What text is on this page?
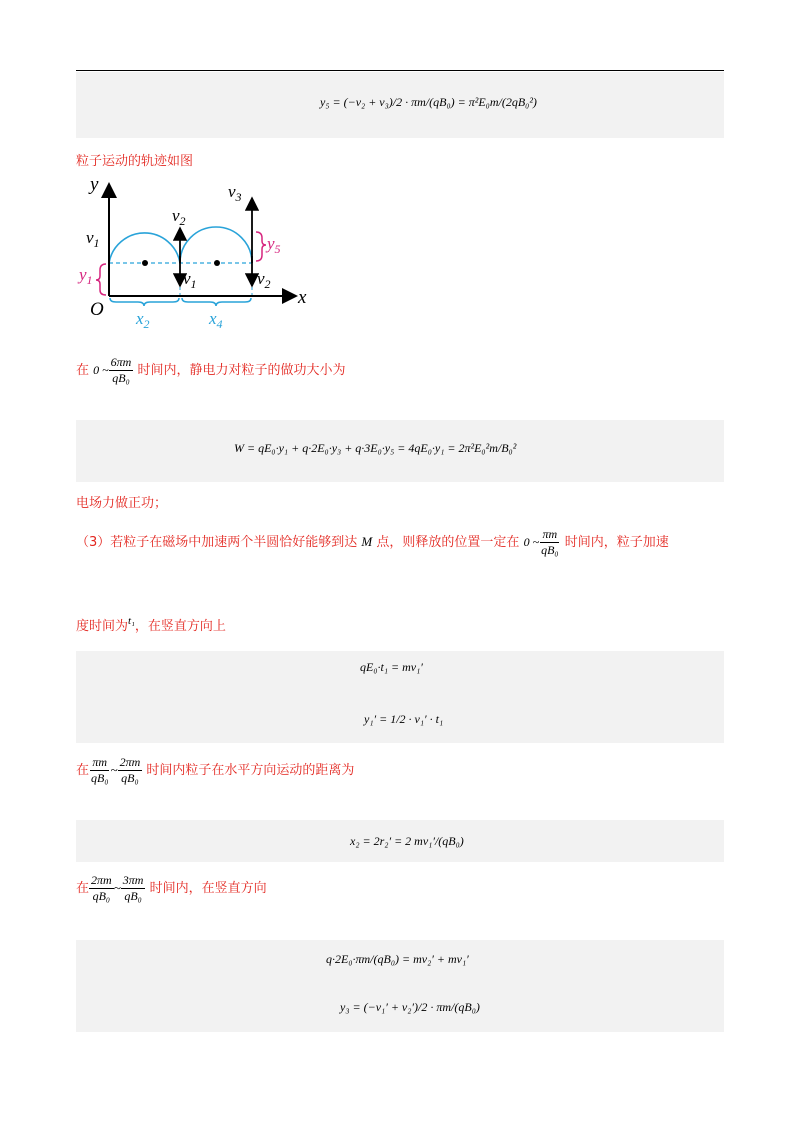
y₅ = (−v₂ + v₃)/2 · πm/(qB₀) = π²E₀m/(2qB₀²)
粒子运动的轨迹如图
y
x
O
$v_1$
$v_2$
$v_1$
$v_3$
$v_2$
$y_1$
$y_5$
$x_2$	$x_4$
在 0 ~ $\frac{6\pi m}{\text{qB₀}}$ 时间内，静电力对粒子的做功大小为
W = qE₀·y₁ + q·2E₀·y₃ + q·3E₀·y₅ = 4qE₀·y₁ = 2π²E₀²m/B₀²
电场力做正功；
（3）若粒子在磁场中加速两个半圆恰好能够到达 M 点，则释放的位置一定在 0 ~ $\frac{\pi m}{\text{qB₀}}$ 时间内，粒子加速
度时间为$^{t_1}$，在竖直方向上
qE₀·t₁ = mv₁′
y₁′ = 1/2 · v₁′ · t₁
在 $\frac{\pi m}{\text{qB₀}}$ ~ $\frac{2\pi m}{\text{qB₀}}$ 时间内粒子在水平方向运动的距离为
x₂ = 2r₂′ = 2 mv₁′/(qB₀)
在 $\frac{2\pi m}{\text{qB₀}}$ ~ $\frac{3\pi m}{\text{qB₀}}$ 时间内，在竖直方向
q·2E₀·πm/(qB₀) = mv₂′ + mv₁′
y₃ = (−v₁′ + v₂′)/2 · πm/(qB₀)
